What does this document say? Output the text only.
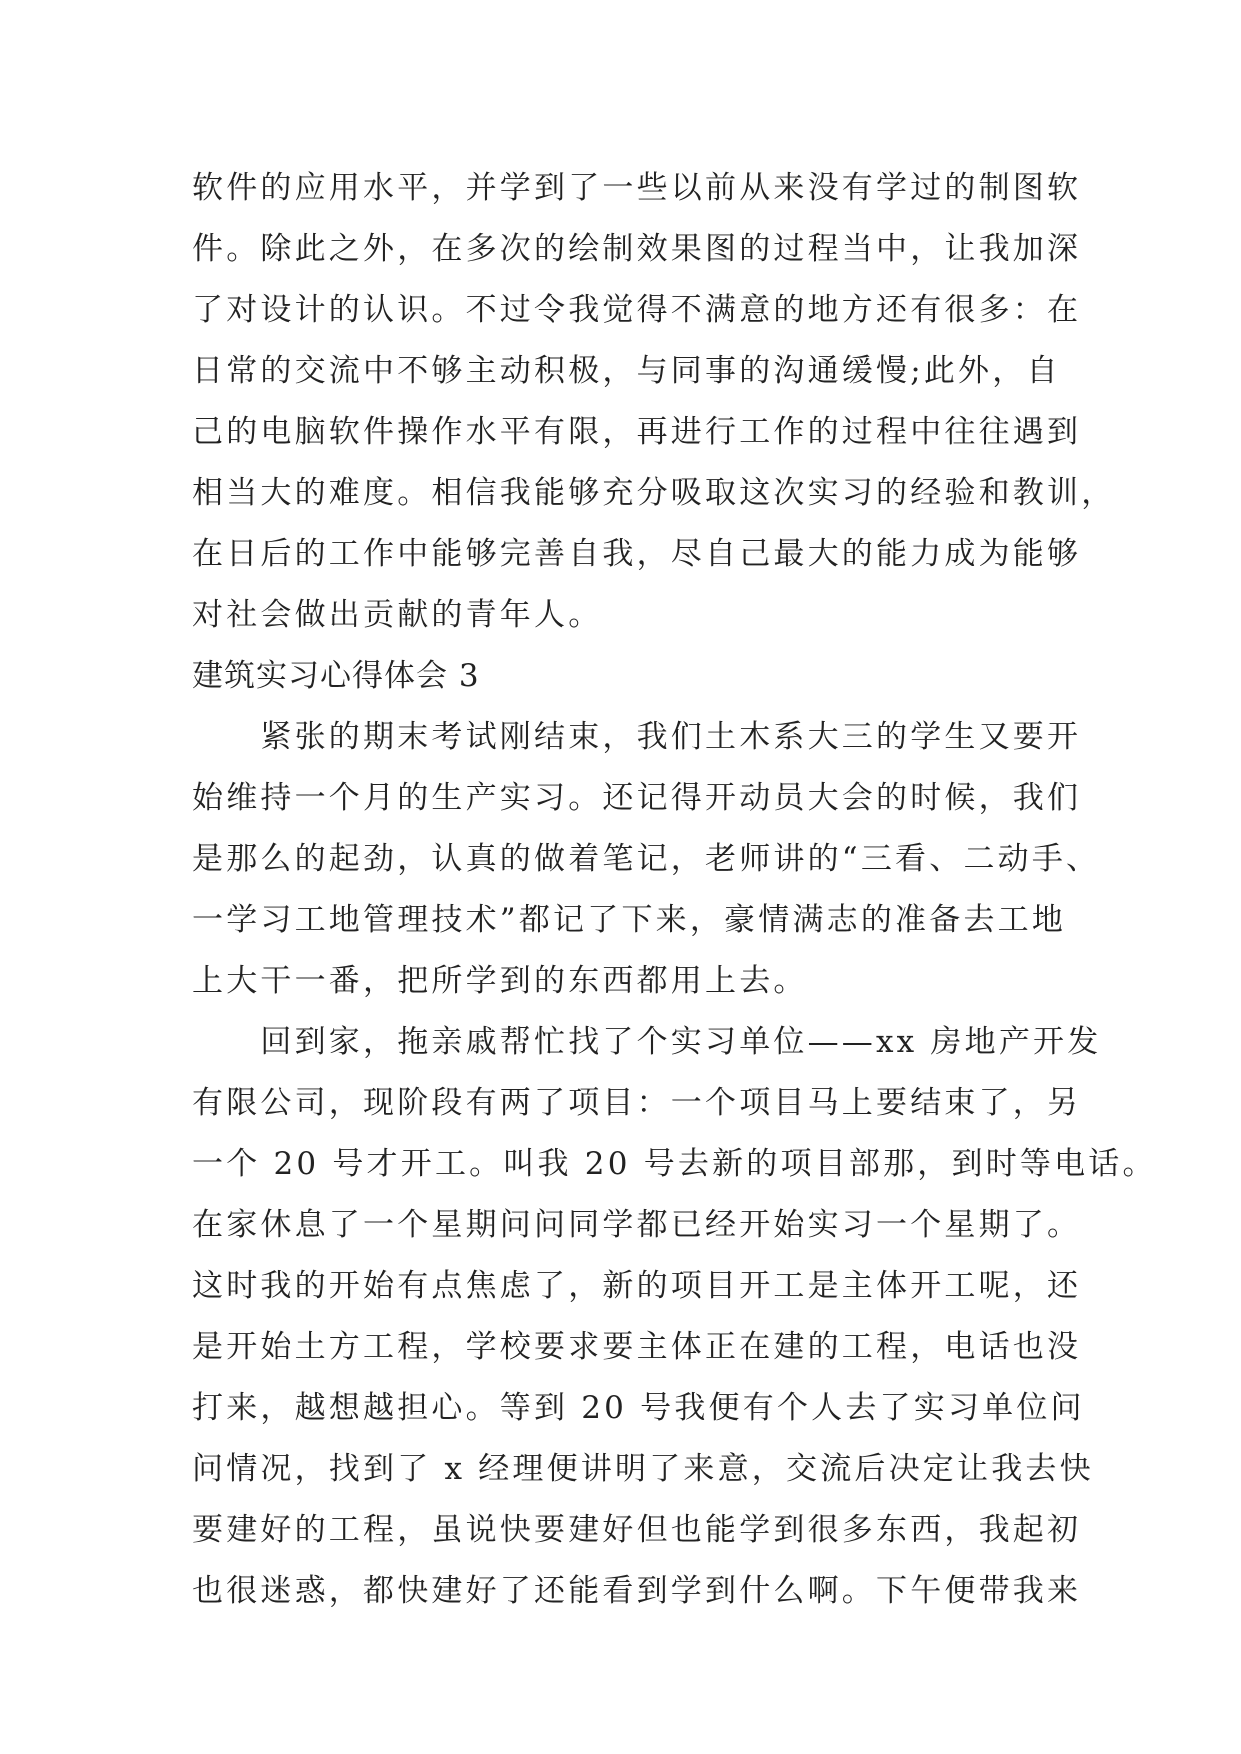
软件的应用水平，并学到了一些以前从来没有学过的制图软
件。除此之外，在多次的绘制效果图的过程当中，让我加深
了对设计的认识。不过令我觉得不满意的地方还有很多：在
日常的交流中不够主动积极，与同事的沟通缓慢;此外，自
己的电脑软件操作水平有限，再进行工作的过程中往往遇到
相当大的难度。相信我能够充分吸取这次实习的经验和教训，
在日后的工作中能够完善自我，尽自己最大的能力成为能够
对社会做出贡献的青年人。
建筑实习心得体会 3
　　紧张的期末考试刚结束，我们土木系大三的学生又要开
始维持一个月的生产实习。还记得开动员大会的时候，我们
是那么的起劲，认真的做着笔记，老师讲的“三看、二动手、
一学习工地管理技术”都记了下来，豪情满志的准备去工地
上大干一番，把所学到的东西都用上去。
　　回到家，拖亲戚帮忙找了个实习单位——xx 房地产开发
有限公司，现阶段有两了项目：一个项目马上要结束了，另
一个 20 号才开工。叫我 20 号去新的项目部那，到时等电话。
在家休息了一个星期问问同学都已经开始实习一个星期了。
这时我的开始有点焦虑了，新的项目开工是主体开工呢，还
是开始土方工程，学校要求要主体正在建的工程，电话也没
打来，越想越担心。等到 20 号我便有个人去了实习单位问
问情况，找到了 x 经理便讲明了来意，交流后决定让我去快
要建好的工程，虽说快要建好但也能学到很多东西，我起初
也很迷惑，都快建好了还能看到学到什么啊。下午便带我来
